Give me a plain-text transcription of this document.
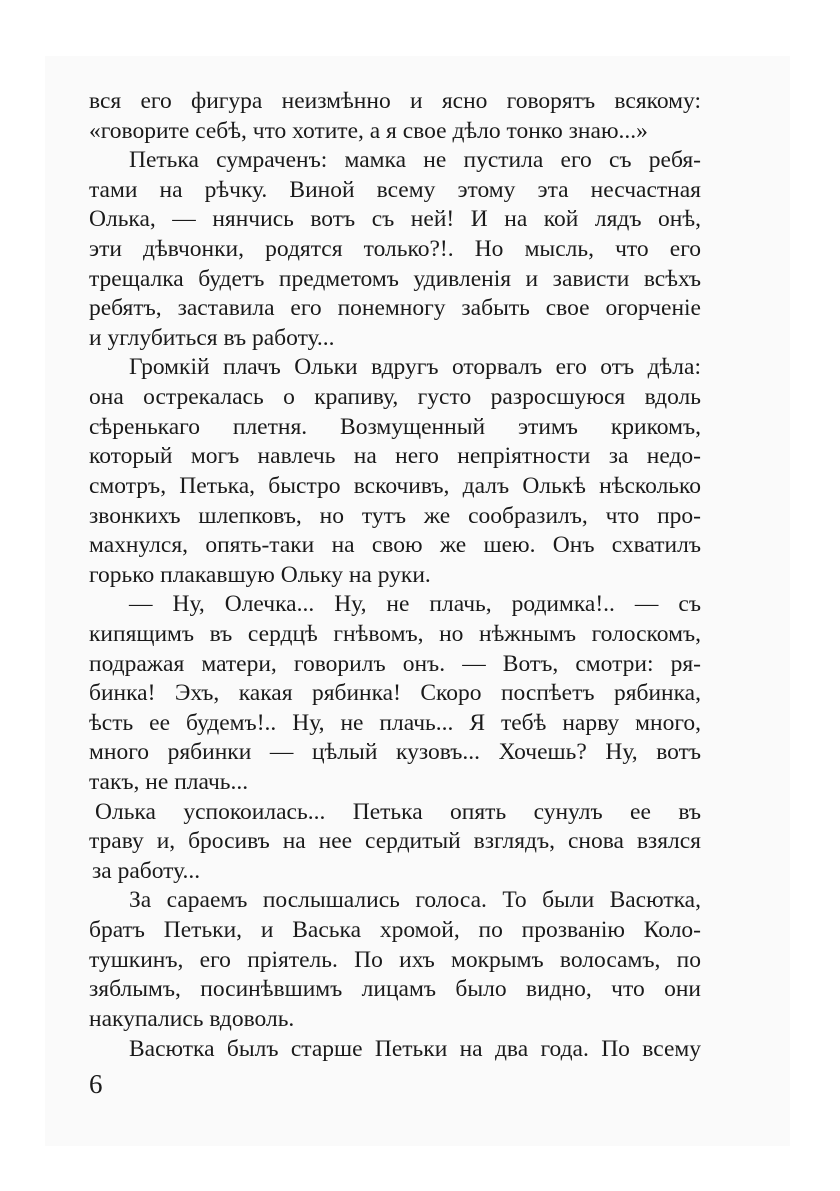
вся его фигура неизмѣнно и ясно говорятъ всякому:
«говорите себѣ, что хотите, а я свое дѣло тонко знаю...»
Петька сумраченъ: мамка не пустила его съ ребя-
тами на рѣчку. Виной всему этому эта несчастная
Олька, — нянчись вотъ съ ней! И на кой лядъ онѣ,
эти дѣвчонки, родятся только?!. Но мысль, что его
трещалка будетъ предметомъ удивленія и зависти всѣхъ
ребятъ, заставила его понемногу забыть свое огорченіе
и углубиться въ работу...
Громкій плачъ Ольки вдругъ оторвалъ его отъ дѣла:
она острекалась о крапиву, густо разросшуюся вдоль
сѣренькаго плетня. Возмущенный этимъ крикомъ,
который могъ навлечь на него непріятности за недо-
смотръ, Петька, быстро вскочивъ, далъ Олькѣ нѣсколько
звонкихъ шлепковъ, но тутъ же сообразилъ, что про-
махнулся, опять-таки на свою же шею. Онъ схватилъ
горько плакавшую Ольку на руки.
— Ну, Олечка... Ну, не плачь, родимка!.. — съ
кипящимъ въ сердцѣ гнѣвомъ, но нѣжнымъ голоскомъ,
подражая матери, говорилъ онъ. — Вотъ, смотри: ря-
бинка! Эхъ, какая рябинка! Скоро поспѣетъ рябинка,
ѣсть ее будемъ!.. Ну, не плачь... Я тебѣ нарву много,
много рябинки — цѣлый кузовъ... Хочешь? Ну, вотъ
такъ, не плачь...
Олька успокоилась... Петька опять сунулъ ее въ
траву и, бросивъ на нее сердитый взглядъ, снова взялся
за работу...
За сараемъ послышались голоса. То были Васютка,
братъ Петьки, и Васька хромой, по прозванію Коло-
тушкинъ, его пріятель. По ихъ мокрымъ волосамъ, по
зяблымъ, посинѣвшимъ лицамъ было видно, что они
накупались вдоволь.
Васютка былъ старше Петьки на два года. По всему
6
